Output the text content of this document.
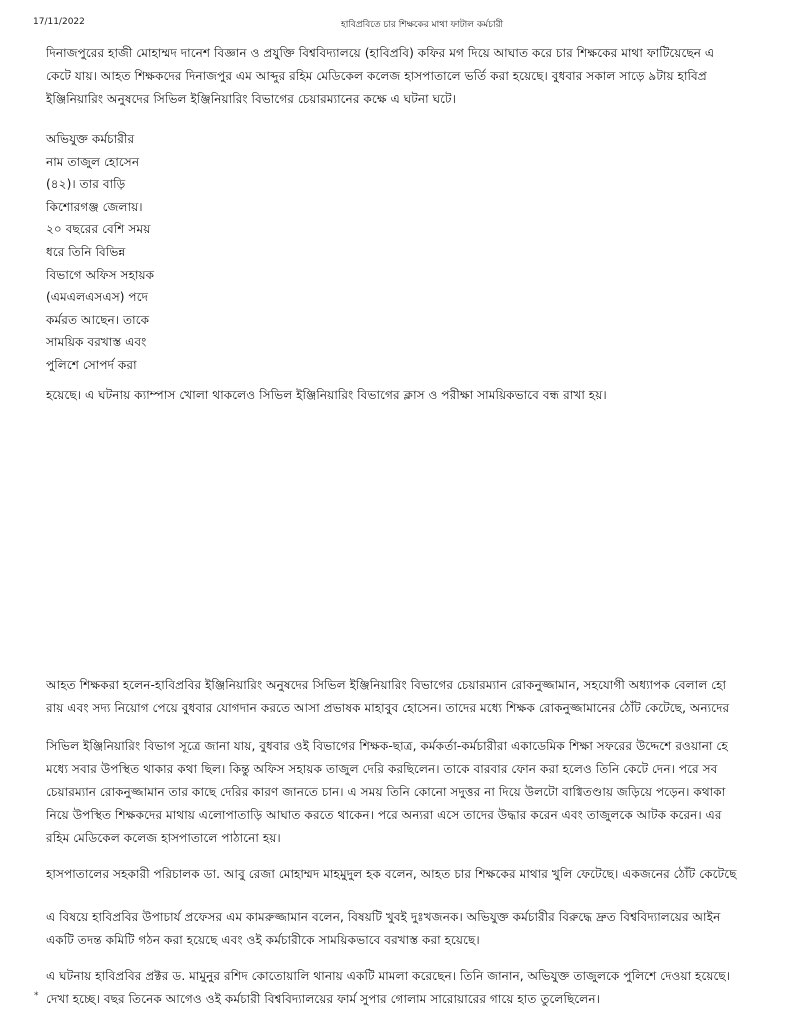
17/11/2022	হাবিপ্রবিতে চার শিক্ষকের মাথা ফাটাল কর্মচারী

দিনাজপুরের হাজী মোহাম্মদ দানেশ বিজ্ঞান ও প্রযুক্তি বিশ্ববিদ্যালয়ে (হাবিপ্রবি) কফির মগ দিয়ে আঘাত করে চার শিক্ষকের মাথা ফাটিয়েছেন এ

কেটে যায়। আহত শিক্ষকদের দিনাজপুর এম আব্দুর রহিম মেডিকেল কলেজ হাসপাতালে ভর্তি করা হয়েছে। বুধবার সকাল সাড়ে ৯টায় হাবিপ্র

ইঞ্জিনিয়ারিং অনুষদের সিভিল ইঞ্জিনিয়ারিং বিভাগের চেয়ারম্যানের কক্ষে এ ঘটনা ঘটে।

অভিযুক্ত কর্মচারীর

নাম তাজুল হোসেন

(৪২)। তার বাড়ি

কিশোরগঞ্জ জেলায়।

২০ বছরের বেশি সময়

ধরে তিনি বিভিন্ন

বিভাগে অফিস সহায়ক

(এমএলএসএস) পদে

কর্মরত আছেন। তাকে

সাময়িক বরখাস্ত এবং

পুলিশে সোপর্দ করা

হয়েছে। এ ঘটনায় ক্যাম্পাস খোলা থাকলেও সিভিল ইঞ্জিনিয়ারিং বিভাগের ক্লাস ও পরীক্ষা সাময়িকভাবে বন্ধ রাখা হয়।

আহত শিক্ষকরা হলেন-হাবিপ্রবির ইঞ্জিনিয়ারিং অনুষদের সিভিল ইঞ্জিনিয়ারিং বিভাগের চেয়ারম্যান রোকনুজ্জামান, সহযোগী অধ্যাপক বেলাল হো

রায় এবং সদ্য নিয়োগ পেয়ে বুধবার যোগদান করতে আসা প্রভাষক মাহাবুব হোসেন। তাদের মধ্যে শিক্ষক রোকনুজ্জামানের ঠোঁট কেটেছে, অন্যদের

সিভিল ইঞ্জিনিয়ারিং বিভাগ সূত্রে জানা যায়, বুধবার ওই বিভাগের শিক্ষক-ছাত্র, কর্মকর্তা-কর্মচারীরা একাডেমিক শিক্ষা সফরের উদ্দেশে রওয়ানা হে

মধ্যে সবার উপস্থিত থাকার কথা ছিল। কিন্তু অফিস সহায়ক তাজুল দেরি করছিলেন। তাকে বারবার ফোন করা হলেও তিনি কেটে দেন। পরে সব

চেয়ারম্যান রোকনুজ্জামান তার কাছে দেরির কারণ জানতে চান। এ সময় তিনি কোনো সদুত্তর না দিয়ে উলটো বাগ্বিতণ্ডায় জড়িয়ে পড়েন। কথাকা

নিয়ে উপস্থিত শিক্ষকদের মাথায় এলোপাতাড়ি আঘাত করতে থাকেন। পরে অন্যরা এসে তাদের উদ্ধার করেন এবং তাজুলকে আটক করেন। এর

রহিম মেডিকেল কলেজ হাসপাতালে পাঠানো হয়।

হাসপাতালের সহকারী পরিচালক ডা. আবু রেজা মোহাম্মদ মাহমুদুল হক বলেন, আহত চার শিক্ষকের মাথার খুলি ফেটেছে। একজনের ঠোঁট কেটেছে

এ বিষয়ে হাবিপ্রবির উপাচার্য প্রফেসর এম কামরুজ্জামান বলেন, বিষয়টি খুবই দুঃখজনক। অভিযুক্ত কর্মচারীর বিরুদ্ধে দ্রুত বিশ্ববিদ্যালয়ের আইন

একটি তদন্ত কমিটি গঠন করা হয়েছে এবং ওই কর্মচারীকে সাময়িকভাবে বরখাস্ত করা হয়েছে।

এ ঘটনায় হাবিপ্রবির প্রক্টর ড. মামুনুর রশিদ কোতোয়ালি থানায় একটি মামলা করেছেন। তিনি জানান, অভিযুক্ত তাজুলকে পুলিশে দেওয়া হয়েছে।

দেখা হচ্ছে। বছর তিনেক আগেও ওই কর্মচারী বিশ্ববিদ্যালয়ের ফার্ম সুপার গোলাম সারোয়ারের গায়ে হাত তুলেছিলেন।

*
